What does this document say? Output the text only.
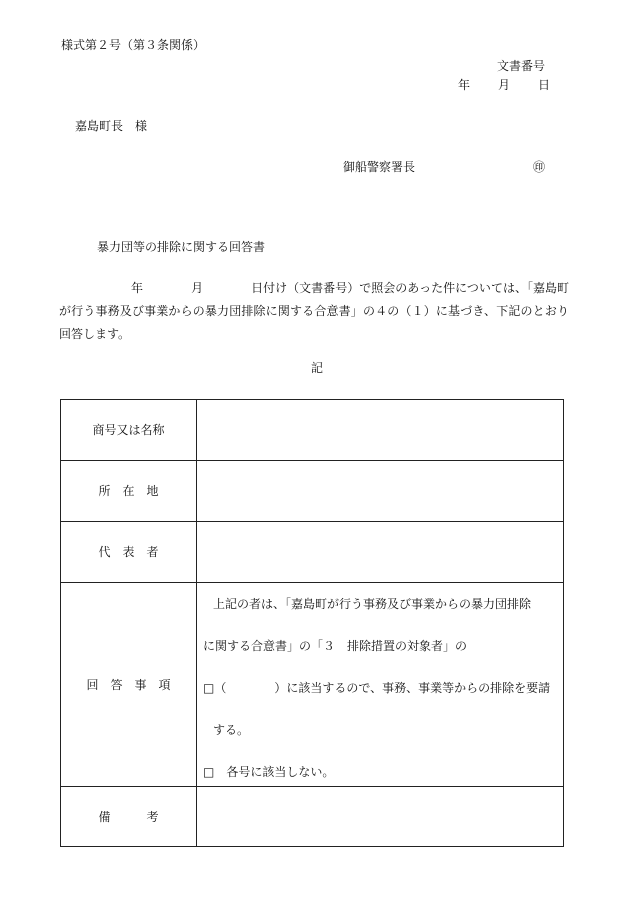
様式第２号（第３条関係）
文書番号
年 月 日
嘉島町長　様
御船警察署長	㊞
暴力団等の排除に関する回答書
　　　　　　年　　　　月　　　　日付け（文書番号）で照会のあった件については、「嘉島町が行う事務及び事業からの暴力団排除に関する合意書」の４の（１）に基づき、下記のとおり回答します。
記
商号又は名称	
所　在　地	
代　表　者	
回　答　事　項	上記の者は、「嘉島町が行う事務及び事業からの暴力団排除
に関する合意書」の「３　排除措置の対象者」の
□（　　　　）に該当するので、事務、事業等からの排除を要請
する。
□　各号に該当しない。

備　　　考	
